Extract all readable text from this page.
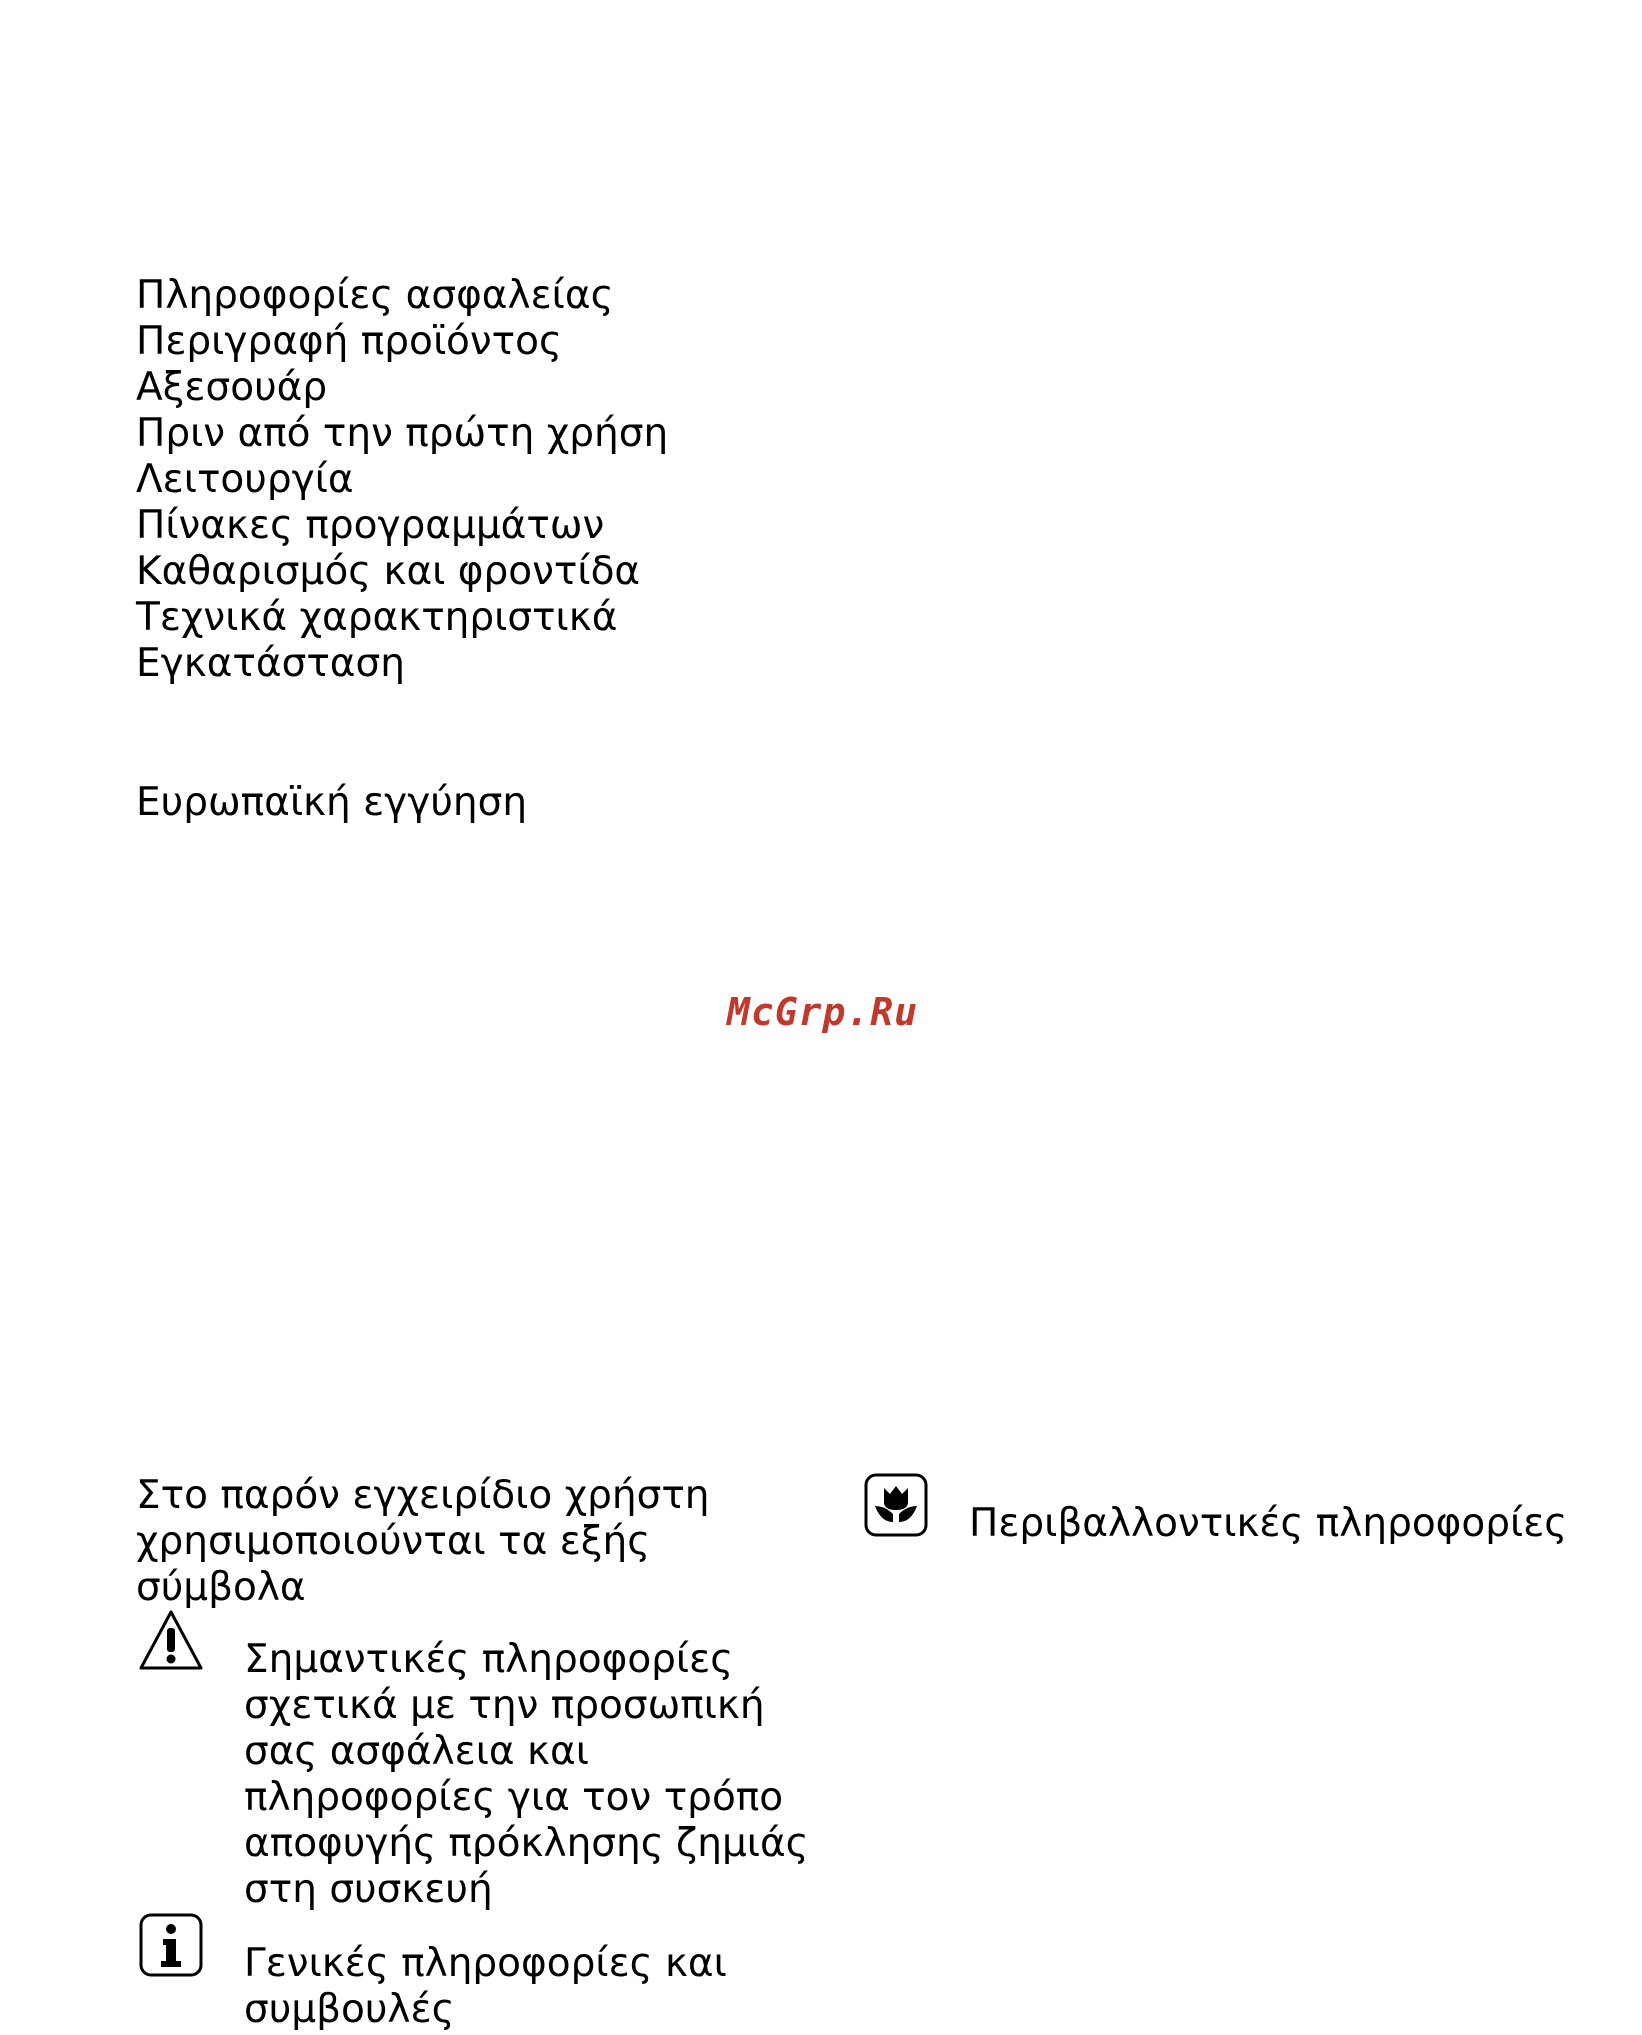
Πληροφορίες ασφαλείας
Περιγραφή προϊόντος
Αξεσουάρ
Πριν από την πρώτη χρήση
Λειτουργία
Πίνακες προγραμμάτων
Καθαρισμός και φροντίδα
Τεχνικά χαρακτηριστικά
Εγκατάσταση
Ευρωπαϊκή εγγύηση
McGrp.Ru
Στο παρόν εγχειρίδιο χρήστη χρησιμοποιούνται τα εξής σύμβολα
Σημαντικές πληροφορίες σχετικά με την προσωπική σας ασφάλεια και πληροφορίες για τον τρόπο αποφυγής πρόκλησης ζημιάς στη συσκευή
Γενικές πληροφορίες και συμβουλές
Περιβαλλοντικές πληροφορίες
